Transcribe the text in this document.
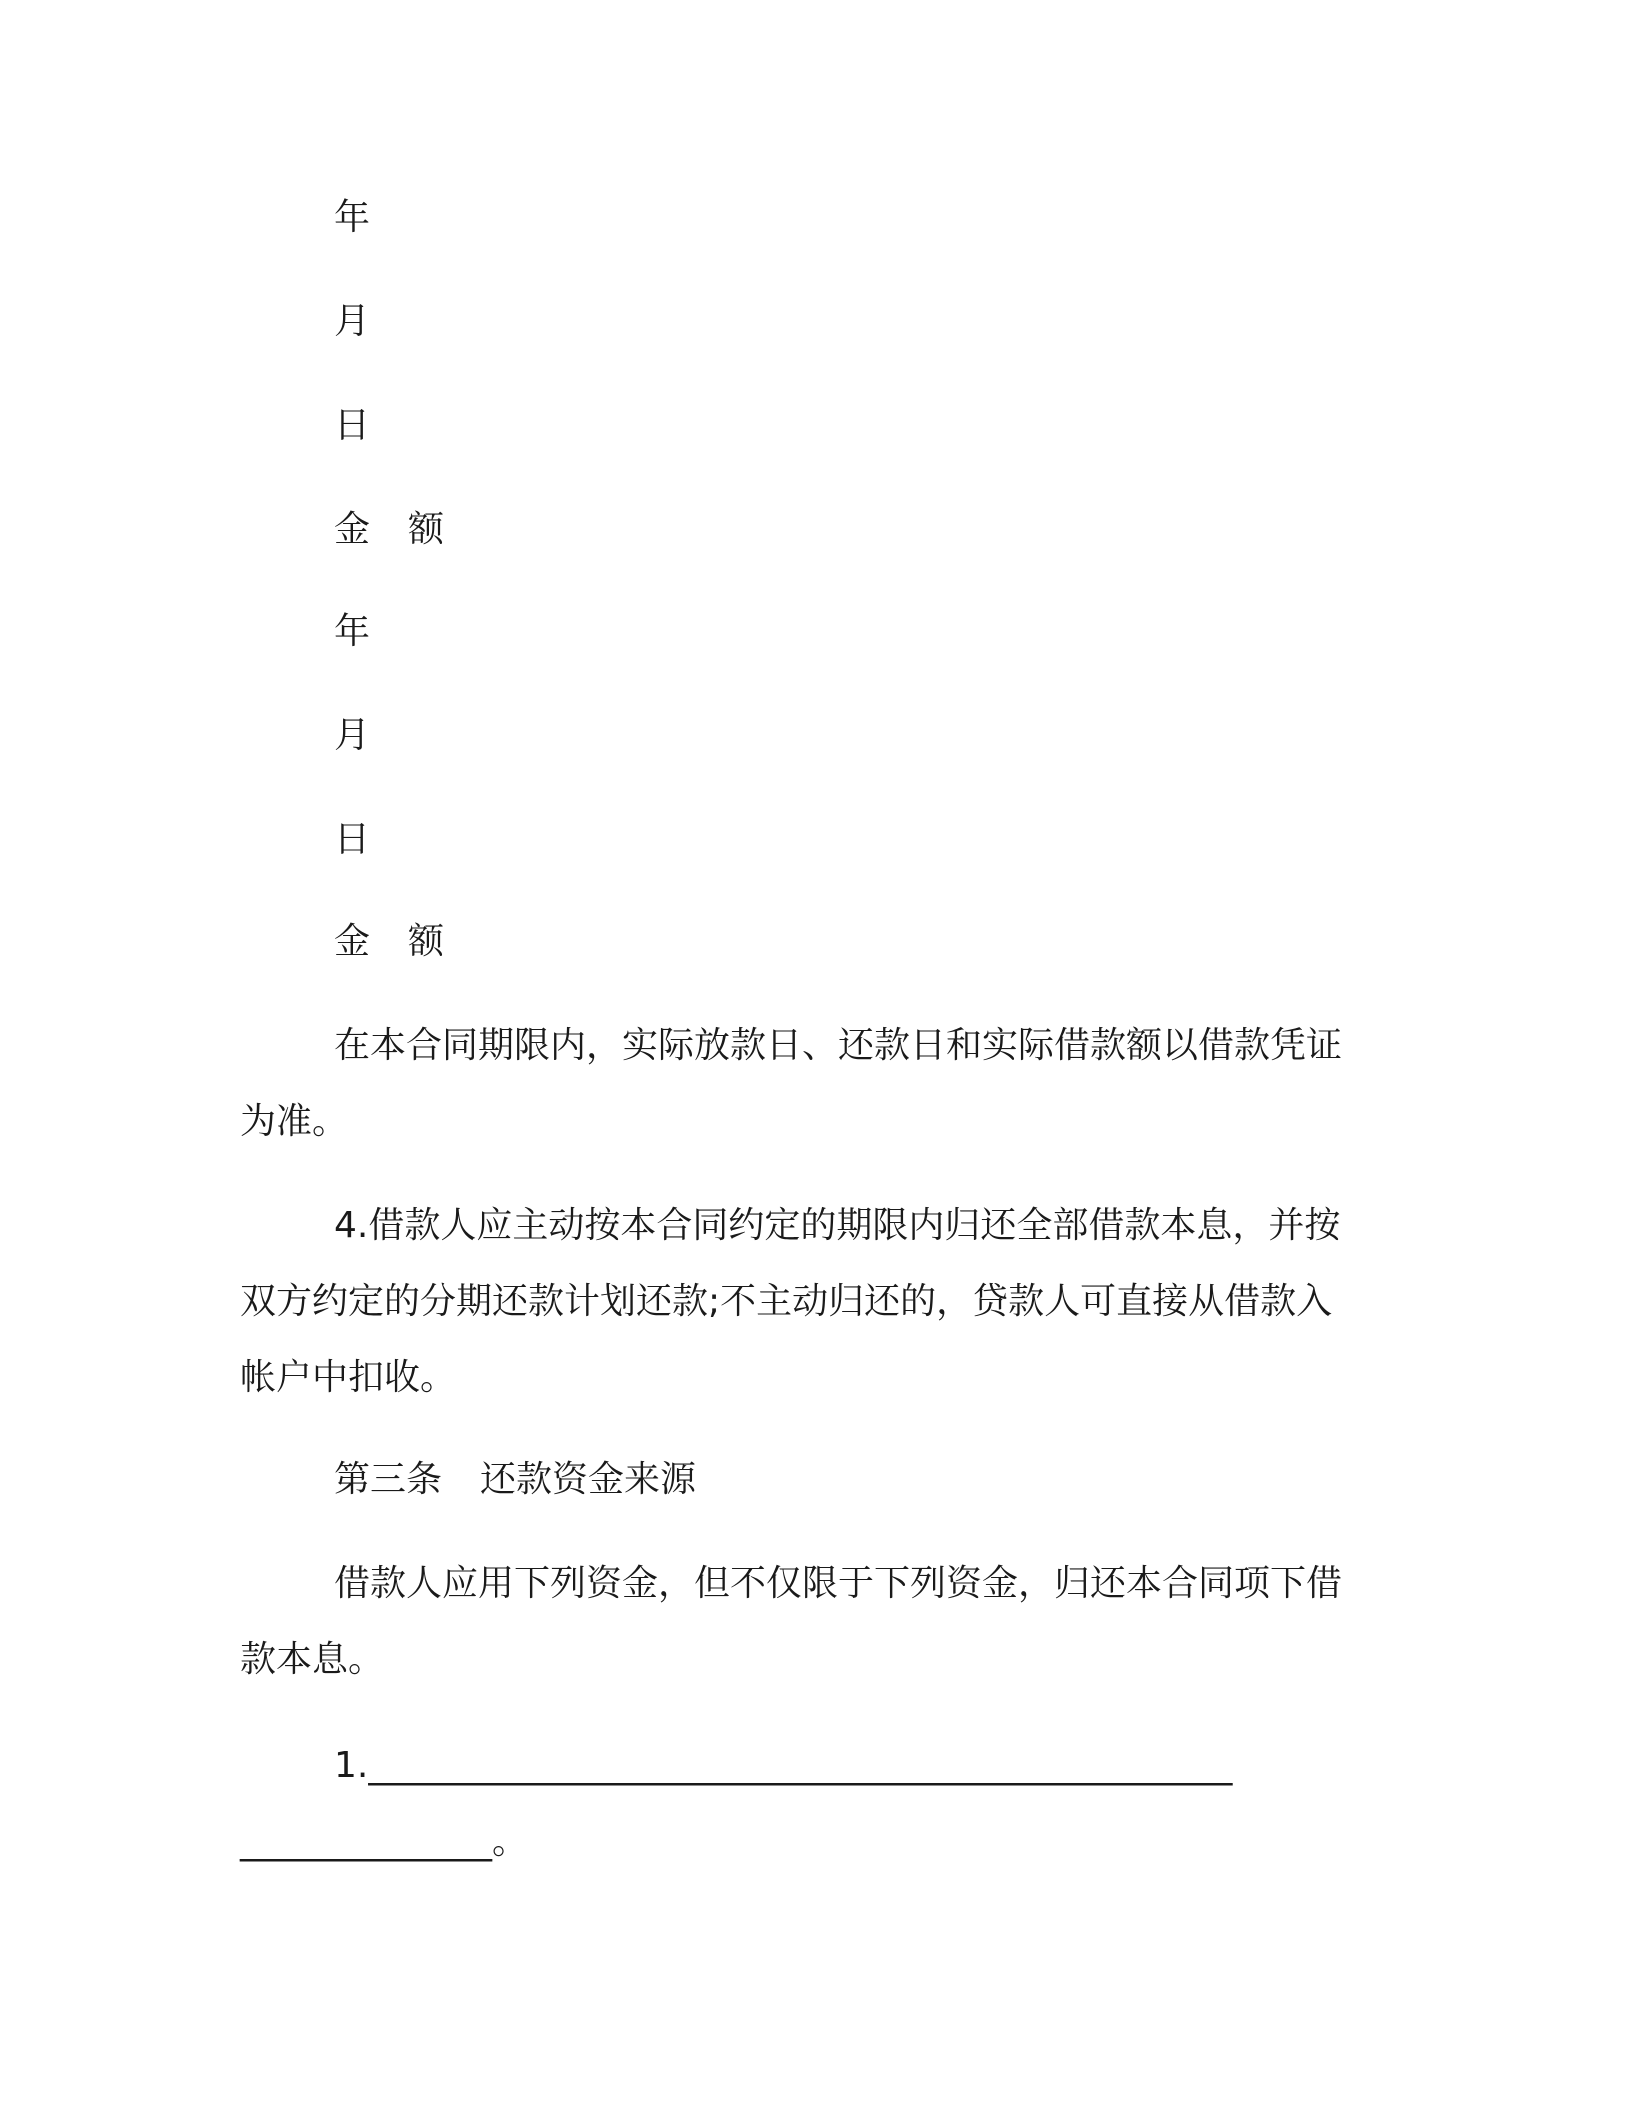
年
月
日
金 额
年
月
日
金 额
在本合同期限内，实际放款日、还款日和实际借款额以借款凭证
为准。
4.借款人应主动按本合同约定的期限内归还全部借款本息，并按
双方约定的分期还款计划还款;不主动归还的，贷款人可直接从借款入
帐户中扣收。
第三条 还款资金来源
借款人应用下列资金，但不仅限于下列资金，归还本合同项下借
款本息。
1.________________________________________________
______________。
